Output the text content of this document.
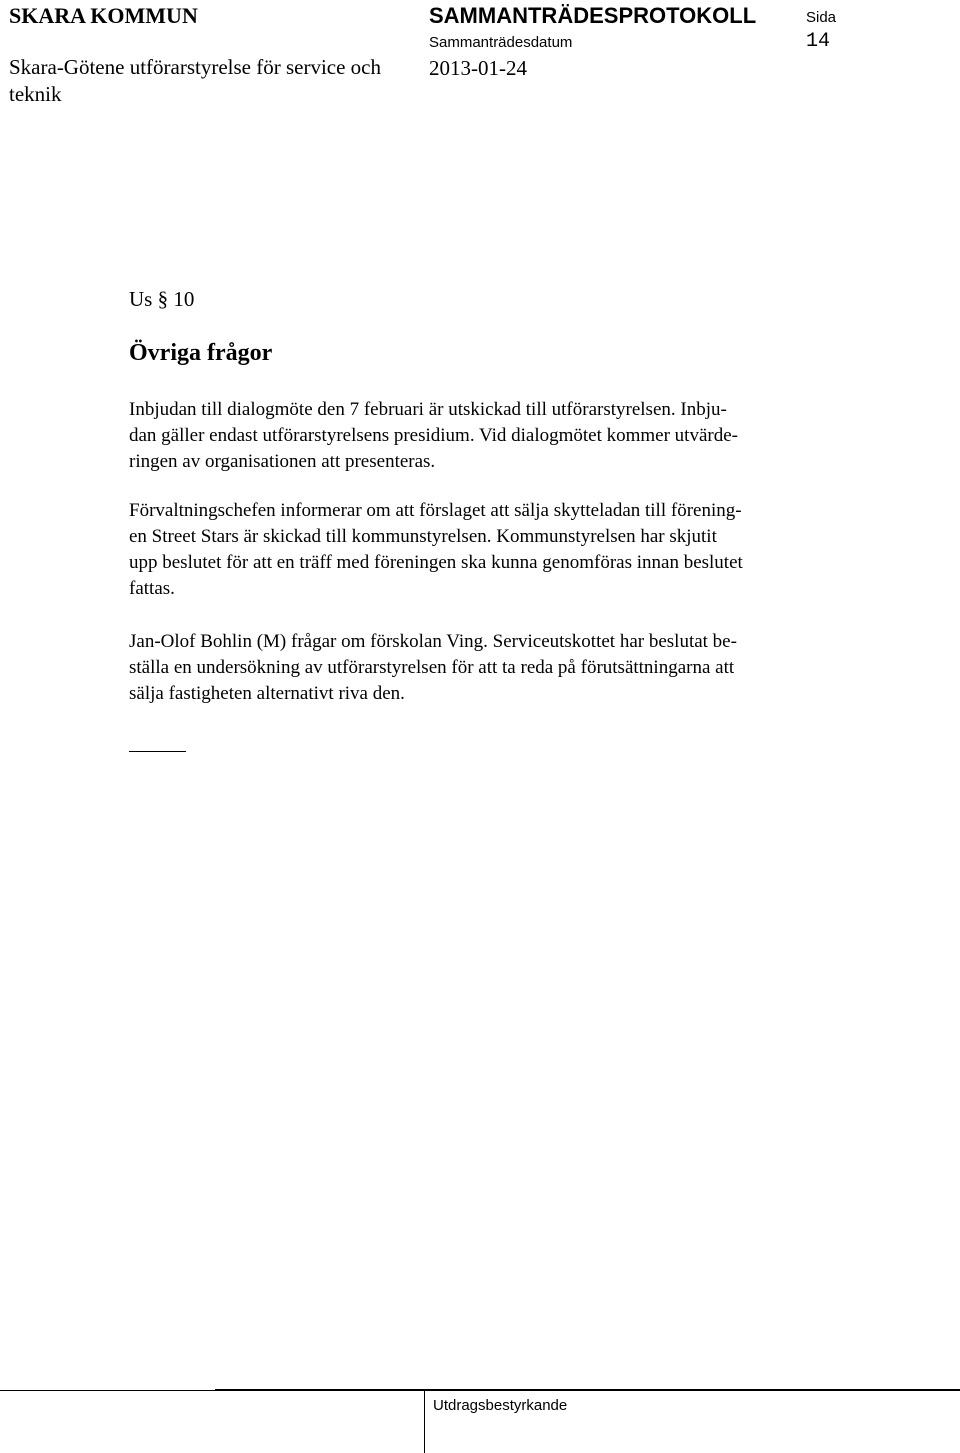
SKARA KOMMUN
Skara-Götene utförarstyrelse för service och teknik
SAMMANTRÄDESPROTOKOLL	Sida
Sammanträdesdatum	14
2013-01-24
Us § 10
Övriga frågor

Inbjudan till dialogmöte den 7 februari är utskickad till utförarstyrelsen. Inbju-

dan gäller endast utförarstyrelsens presidium. Vid dialogmötet kommer utvärde-

ringen av organisationen att presenteras.

Förvaltningschefen informerar om att förslaget att sälja skytteladan till förening-

en Street Stars är skickad till kommunstyrelsen. Kommunstyrelsen har skjutit

upp beslutet för att en träff med föreningen ska kunna genomföras innan beslutet

fattas.

Jan-Olof Bohlin (M) frågar om förskolan Ving. Serviceutskottet har beslutat be-

ställa en undersökning av utförarstyrelsen för att ta reda på förutsättningarna att

sälja fastigheten alternativt riva den.

Utdragsbestyrkande
